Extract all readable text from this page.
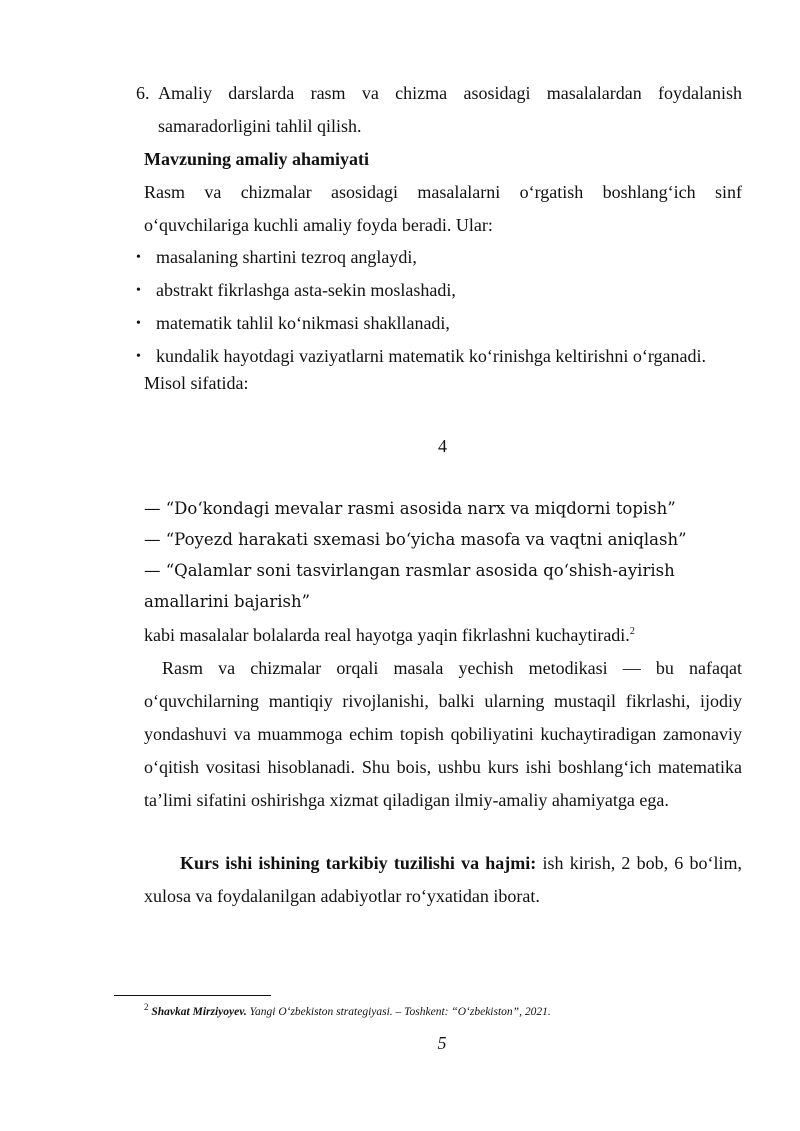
6. Amaliy darslarda rasm va chizma asosidagi masalalardan foydalanish samaradorligini tahlil qilish.
Mavzuning amaliy ahamiyati
Rasm va chizmalar asosidagi masalalarni o‘rgatish boshlang‘ich sinf o‘quvchilariga kuchli amaliy foyda beradi. Ular:
• masalaning shartini tezroq anglaydi,
• abstrakt fikrlashga asta-sekin moslashadi,
• matematik tahlil ko‘nikmasi shakllanadi,
• kundalik hayotdagi vaziyatlarni matematik ko‘rinishga keltirishni o‘rganadi.
Misol sifatida:
4
— “Do‘kondagi mevalar rasmi asosida narx va miqdorni topish”
— “Poyezd harakati sxemasi bo‘yicha masofa va vaqtni aniqlash”
— “Qalamlar soni tasvirlangan rasmlar asosida qo‘shish-ayirish amallarini bajarish”
kabi masalalar bolalarda real hayotga yaqin fikrlashni kuchaytiradi.$^2$
Rasm va chizmalar orqali masala yechish metodikasi — bu nafaqat o‘quvchilarning mantiqiy rivojlanishi, balki ularning mustaqil fikrlashi, ijodiy yondashuvi va muammoga echim topish qobiliyatini kuchaytiradigan zamonaviy o‘qitish vositasi hisoblanadi. Shu bois, ushbu kurs ishi boshlang‘ich matematika ta’limi sifatini oshirishga xizmat qiladigan ilmiy-amaliy ahamiyatga ega.
Kurs ishi ishining tarkibiy tuzilishi va hajmi: ish kirish, 2 bob, 6 bo‘lim, xulosa va foydalanilgan adabiyotlar ro‘yxatidan iborat.
$^2$ Shavkat Mirziyoyev. Yangi O‘zbekiston strategiyasi. – Toshkent: “O‘zbekiston”, 2021.
5
